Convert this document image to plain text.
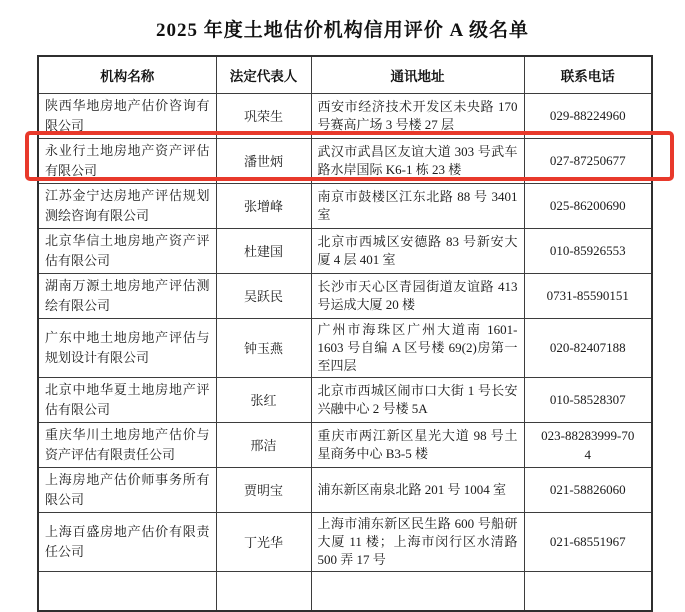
2025 年度土地估价机构信用评价 A 级名单
机构名称	法定代表人	通讯地址	联系电话
陕西华地房地产估价咨询有限公司	巩荣生	西安市经济技术开发区未央路 170 号赛高广场 3 号楼 27 层	029-88224960
永业行土地房地产资产评估有限公司	潘世炳	武汉市武昌区友谊大道 303 号武车路水岸国际 K6-1 栋 23 楼	027-87250677
江苏金宁达房地产评估规划测绘咨询有限公司	张增峰	南京市鼓楼区江东北路 88 号 3401 室	025-86200690
北京华信土地房地产资产评估有限公司	杜建国	北京市西城区安德路 83 号新安大厦 4 层 401 室	010-85926553
湖南万源土地房地产评估测绘有限公司	吴跃民	长沙市天心区青园街道友谊路 413 号运成大厦 20 楼	0731-85590151
广东中地土地房地产评估与规划设计有限公司	钟玉燕	广州市海珠区广州大道南 1601-1603 号自编 A 区号楼 69(2)房第一至四层	020-82407188
北京中地华夏土地房地产评估有限公司	张红	北京市西城区闹市口大街 1 号长安兴融中心 2 号楼 5A	010-58528307
重庆华川土地房地产估价与资产评估有限责任公司	邢洁	重庆市两江新区星光大道 98 号土星商务中心 B3-5 楼	023-88283999-704
上海房地产估价师事务所有限公司	贾明宝	浦东新区南泉北路 201 号 1004 室	021-58826060
上海百盛房地产估价有限责任公司	丁光华	上海市浦东新区民生路 600 号船研大厦 11 楼；上海市闵行区水清路 500 弄 17 号	021-68551967
